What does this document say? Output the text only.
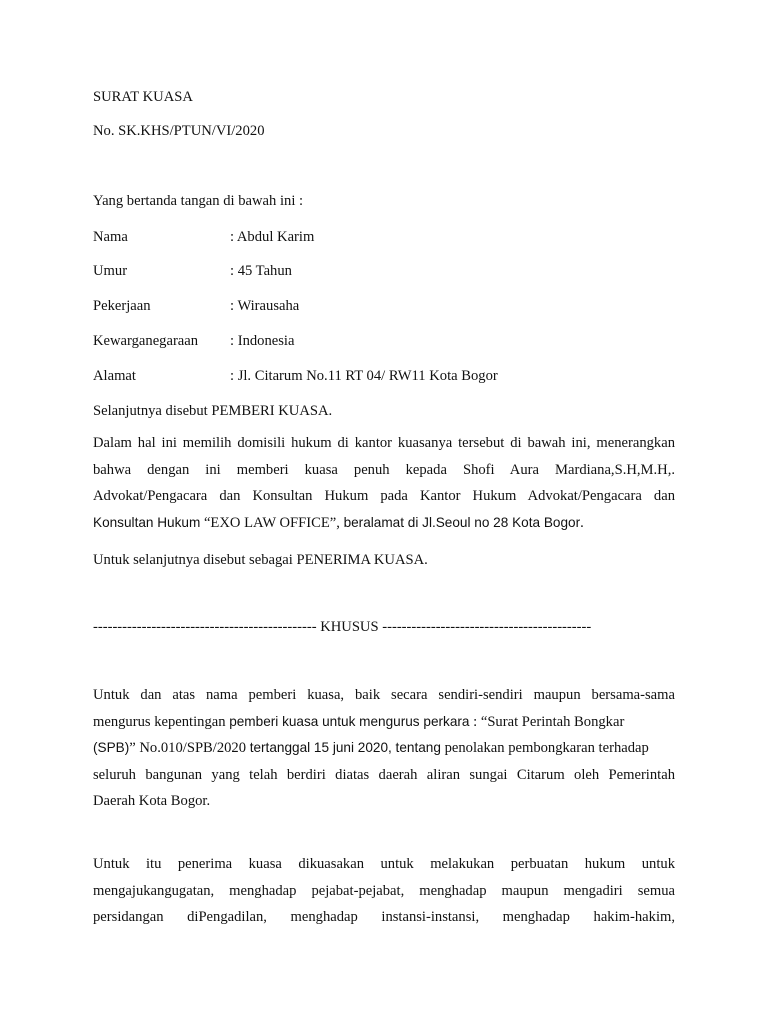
SURAT KUASA
No. SK.KHS/PTUN/VI/2020
Yang bertanda tangan di bawah ini :
Nama	: Abdul Karim
Umur	: 45 Tahun
Pekerjaan	: Wirausaha
Kewarganegaraan : Indonesia
Alamat	: Jl. Citarum No.11 RT 04/ RW11 Kota Bogor
Selanjutnya disebut PEMBERI KUASA.
Dalam hal ini memilih domisili hukum di kantor kuasanya tersebut di bawah ini, menerangkan
bahwa dengan ini memberi kuasa penuh kepada Shofi Aura Mardiana,S.H,M.H,.
Advokat/Pengacara dan Konsultan Hukum pada Kantor Hukum Advokat/Pengacara dan
Konsultan Hukum “EXO LAW OFFICE”, beralamat di Jl.Seoul no 28 Kota Bogor.
Untuk selanjutnya disebut sebagai PENERIMA KUASA.
---------------------------------------------- KHUSUS -------------------------------------------
Untuk dan atas nama pemberi kuasa, baik secara sendiri-sendiri maupun bersama-sama
mengurus kepentingan pemberi kuasa untuk mengurus perkara : “Surat Perintah Bongkar
(SPB)” No.010/SPB/2020 tertanggal 15 juni 2020, tentang penolakan pembongkaran terhadap
seluruh bangunan yang telah berdiri diatas daerah aliran sungai Citarum oleh Pemerintah
Daerah Kota Bogor.
Untuk itu penerima kuasa dikuasakan untuk melakukan perbuatan hukum untuk
mengajukangugatan, menghadap pejabat-pejabat, menghadap maupun mengadiri semua
persidangan diPengadilan, menghadap instansi-instansi, menghadap hakim-hakim,
